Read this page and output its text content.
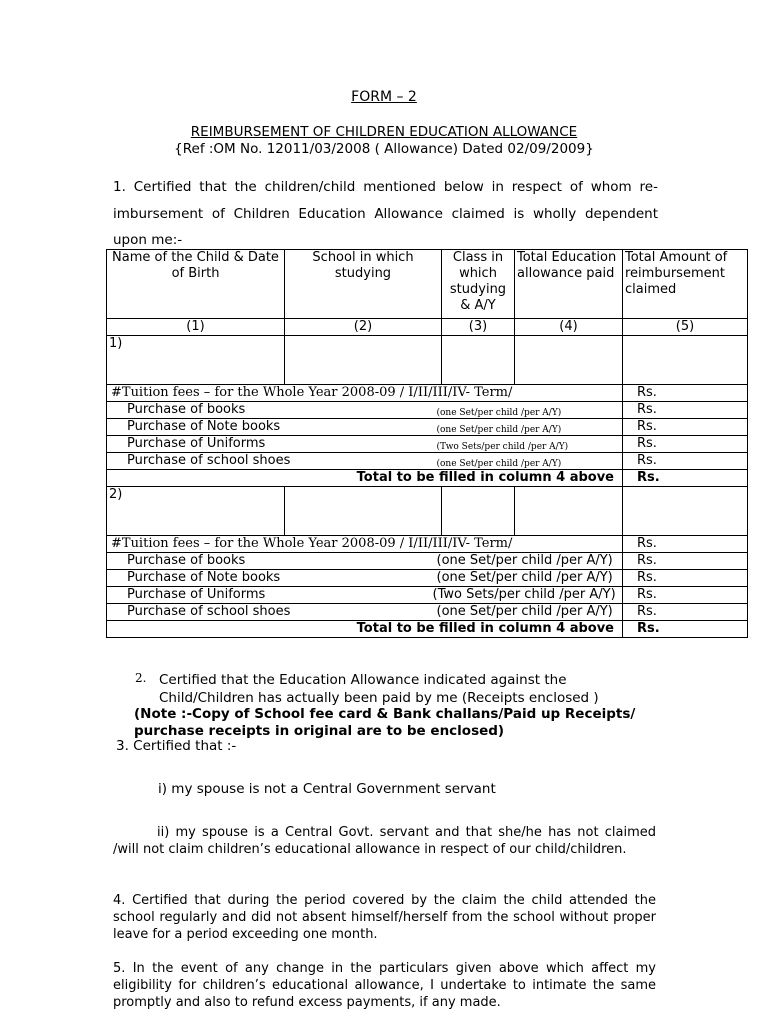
FORM – 2
REIMBURSEMENT OF CHILDREN EDUCATION ALLOWANCE
{Ref :OM No. 12011/03/2008 ( Allowance) Dated 02/09/2009}
1. Certified that the children/child mentioned below in respect of whom re-imbursement of Children Education Allowance claimed is wholly dependent upon me:-
Name of the Child & Date of Birth	School in which studying	Class in which studying & A/Y	Total Education allowance paid	Total Amount of reimbursement claimed
(1)	(2)	(3)	(4)	(5)
1)				
#Tuition fees – for the Whole Year 2008-09 / I/II/III/IV- Term/				Rs.
Purchase of books (one Set/per child /per A/Y)				Rs.
Purchase of Note books (one Set/per child /per A/Y)				Rs.
Purchase of Uniforms (Two Sets/per child /per A/Y)				Rs.
Purchase of school shoes (one Set/per child /per A/Y)				Rs.
Total to be filled in column 4 above				Rs.
2)				
#Tuition fees – for the Whole Year 2008-09 / I/II/III/IV- Term/				Rs.
Purchase of books (one Set/per child /per A/Y)				Rs.
Purchase of Note books (one Set/per child /per A/Y)				Rs.
Purchase of Uniforms (Two Sets/per child /per A/Y)				Rs.
Purchase of school shoes (one Set/per child /per A/Y)				Rs.
Total to be filled in column 4 above				Rs.
2. Certified that the Education Allowance indicated against the Child/Children has actually been paid by me (Receipts enclosed )
(Note :-Copy of School fee card & Bank challans/Paid up Receipts/ purchase receipts in original are to be enclosed)
3. Certified that :-
i) my spouse is not a Central Government servant
ii) my spouse is a Central Govt. servant and that she/he has not claimed /will not claim children’s educational allowance in respect of our child/children.
4. Certified that during the period covered by the claim the child attended the school regularly and did not absent himself/herself from the school without proper leave for a period exceeding one month.
5. In the event of any change in the particulars given above which affect my eligibility for children’s educational allowance, I undertake to intimate the same promptly and also to refund excess payments, if any made.
